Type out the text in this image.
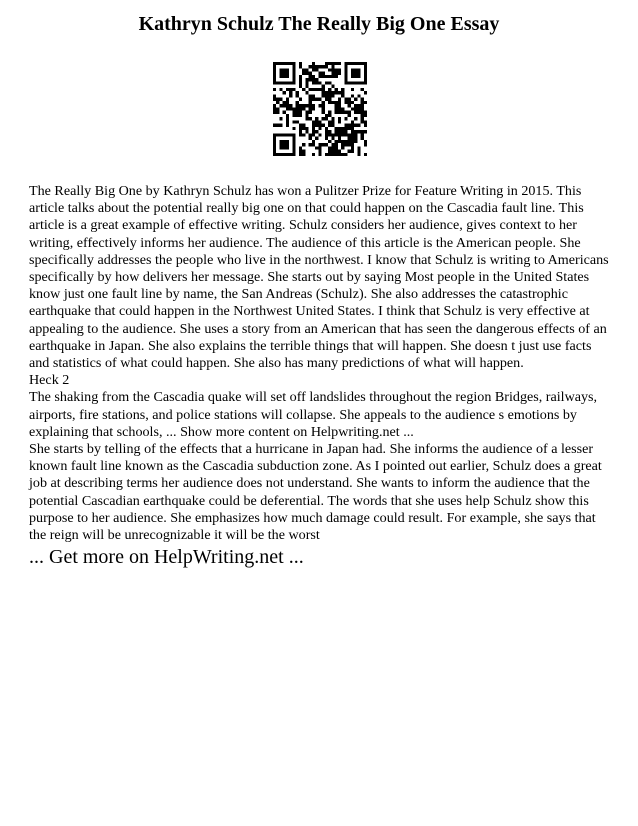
Kathryn Schulz The Really Big One Essay

The Really Big One by Kathryn Schulz has won a Pulitzer Prize for Feature Writing in 2015. This article talks about the potential really big one on that could happen on the Cascadia fault line. This article is a great example of effective writing. Schulz considers her audience, gives context to her writing, effectively informs her audience. The audience of this article is the American people. She specifically addresses the people who live in the northwest. I know that Schulz is writing to Americans specifically by how delivers her message. She starts out by saying Most people in the United States know just one fault line by name, the San Andreas (Schulz). She also addresses the catastrophic earthquake that could happen in the Northwest United States. I think that Schulz is very effective at appealing to the audience. She uses a story from an American that has seen the dangerous effects of an earthquake in Japan. She also explains the terrible things that will happen. She doesn t just use facts and statistics of what could happen. She also has many predictions of what will happen.

Heck 2

The shaking from the Cascadia quake will set off landslides throughout the region Bridges, railways, airports, fire stations, and police stations will collapse. She appeals to the audience s emotions by explaining that schools, ... Show more content on Helpwriting.net ...

She starts by telling of the effects that a hurricane in Japan had. She informs the audience of a lesser known fault line known as the Cascadia subduction zone. As I pointed out earlier, Schulz does a great job at describing terms her audience does not understand. She wants to inform the audience that the potential Cascadian earthquake could be deferential. The words that she uses help Schulz show this purpose to her audience. She emphasizes how much damage could result. For example, she says that the reign will be unrecognizable it will be the worst

... Get more on HelpWriting.net ...
